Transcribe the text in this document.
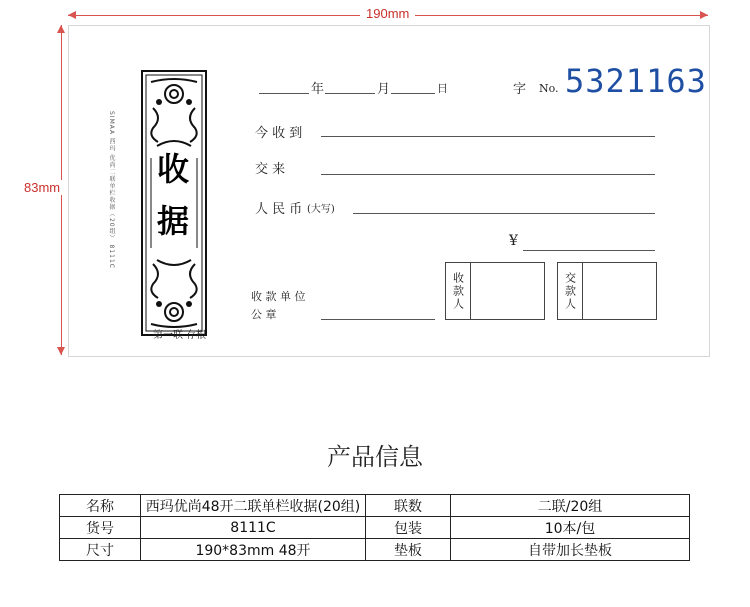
190mm
83mm	SIMAA 西玛 优尚二联单栏收据（20组） 8111C 收
据
第一联 存根
年	月	日	字 No. 5321163
今 收 到
交 来
人 民 币 (大写)
¥
收 款 单 位
公 章
收款人	交款人
产品信息
名称	西玛优尚48开二联单栏收据(20组)	联数	二联/20组
货号	8111C	包装	10本/包
尺寸	190*83mm 48开	垫板	自带加长垫板
